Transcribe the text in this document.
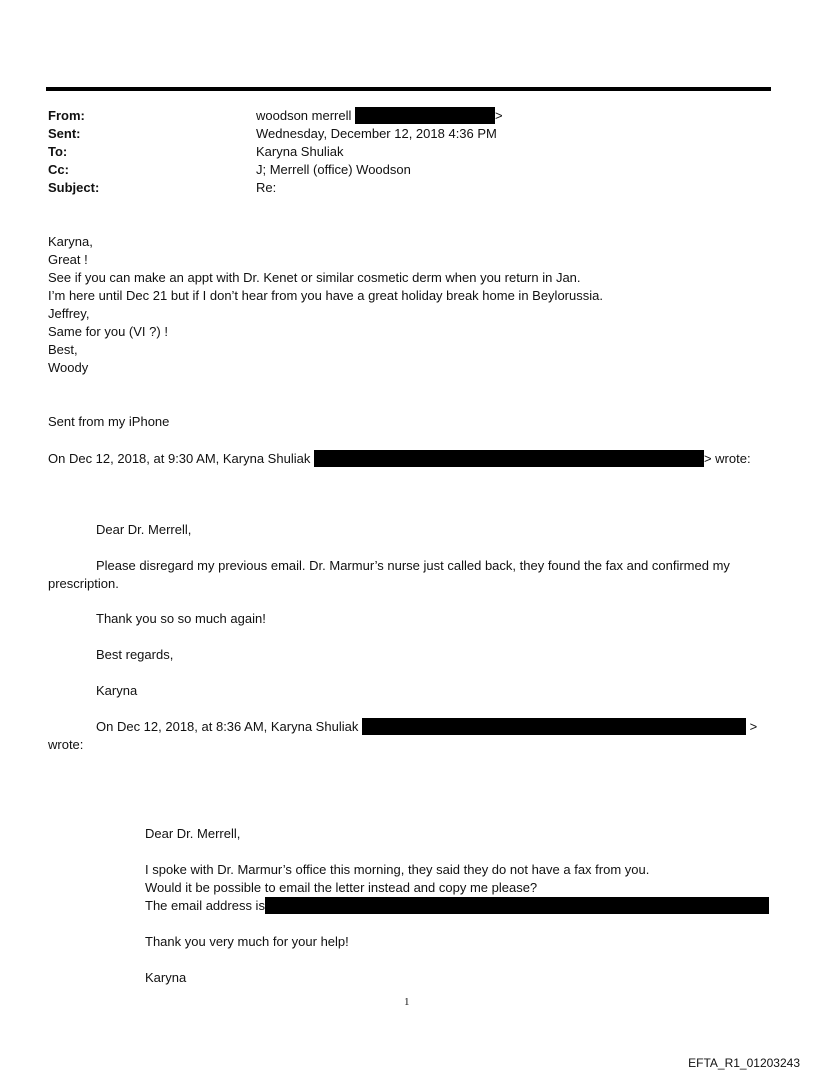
From:	woodson merrell	>
Sent:	Wednesday, December 12, 2018 4:36 PM
To:	Karyna Shuliak
Cc:	J; Merrell (office) Woodson
Subject:	Re:
Karyna,
Great !
See if you can make an appt with Dr. Kenet or similar cosmetic derm when you return in Jan.
I’m here until Dec 21 but if I don’t hear from you have a great holiday break home in Beylorussia.
Jeffrey,
Same for you (VI ?) !
Best,
Woody
Sent from my iPhone
On Dec 12, 2018, at 9:30 AM, Karyna Shuliak	> wrote:
Dear Dr. Merrell,
Please disregard my previous email. Dr. Marmur’s nurse just called back, they found the fax and confirmed my prescription.
Thank you so so much again!
Best regards,
Karyna
On Dec 12, 2018, at 8:36 AM, Karyna Shuliak	>
wrote:
Dear Dr. Merrell,
I spoke with Dr. Marmur’s office this morning, they said they do not have a fax from you.
Would it be possible to email the letter instead and copy me please?
The email address is
Thank you very much for your help!
Karyna
1
EFTA_R1_01203243
